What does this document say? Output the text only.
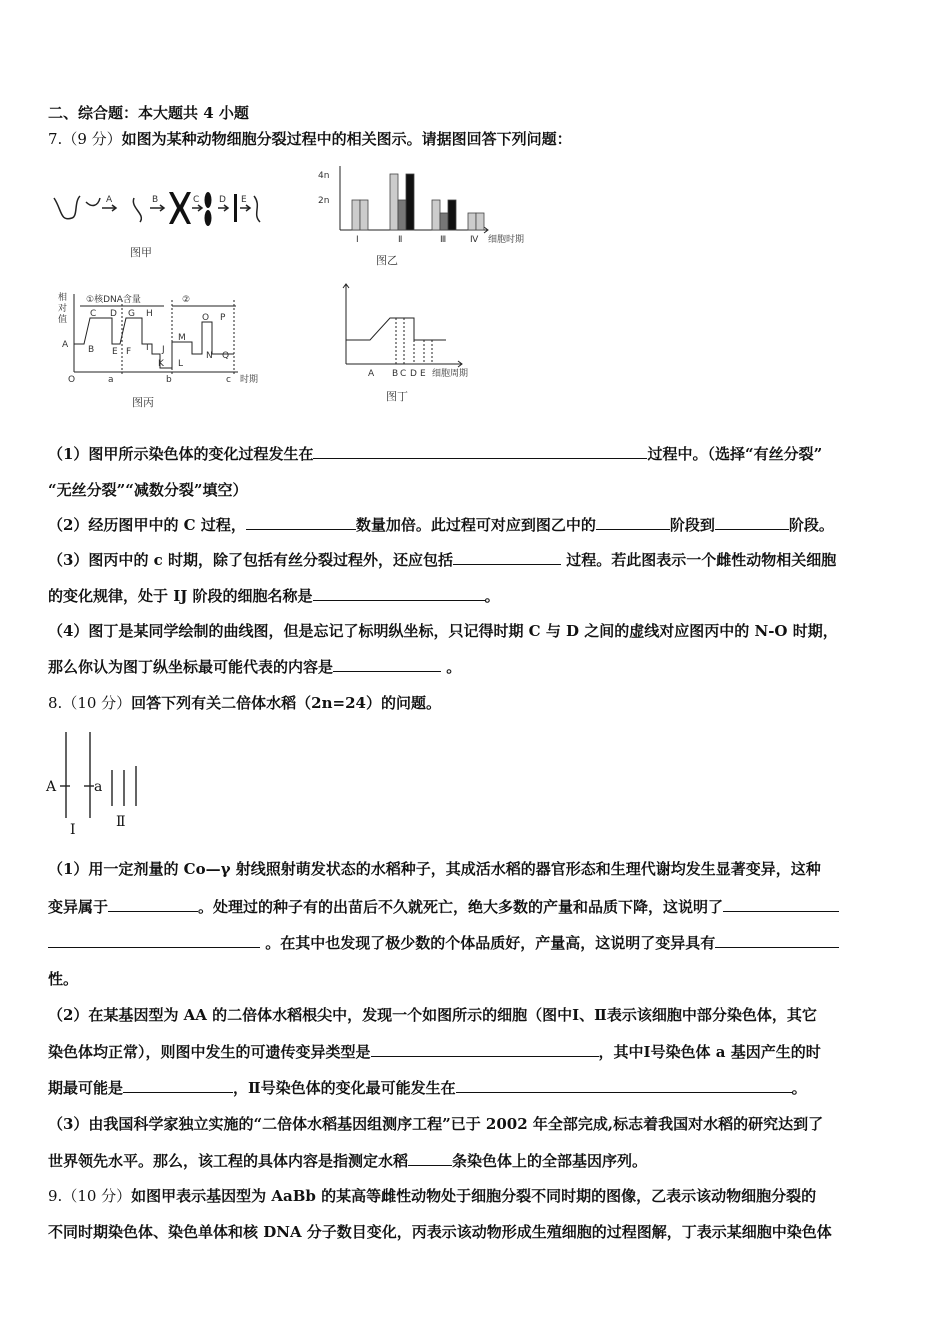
二、综合题：本大题共 4 小题
7.（9 分）如图为某种动物细胞分裂过程中的相关图示。请据图回答下列问题：
A	B	C D E
图甲
4n
2n
Ⅰ	Ⅱ	Ⅲ	Ⅳ 细胞时期
图乙
相
对
值
①核DNA含量	②
C D G H	O P
A B E F I J
M
N Q
K L
O	a	b	c 时期
图丙
A B C D E 细胞周期
图丁
（1）图甲所示染色体的变化过程发生在	过程中。（选择“有丝分裂”
“无丝分裂”“减数分裂”填空）
（2）经历图甲中的 C 过程，	数量加倍。此过程可对应到图乙中的	阶段到	阶段。
（3）图丙中的 c 时期，除了包括有丝分裂过程外，还应包括	过程。若此图表示一个雌性动物相关细胞
的变化规律，处于 IJ 阶段的细胞名称是	。
（4）图丁是某同学绘制的曲线图，但是忘记了标明纵坐标，只记得时期 C 与 D 之间的虚线对应图丙中的 N-O 时期，
那么你认为图丁纵坐标最可能代表的内容是	。
8.（10 分）回答下列有关二倍体水稻（2n=24）的问题。
A	a
Ⅰ	Ⅱ
（1）用一定剂量的 Co—γ 射线照射萌发状态的水稻种子，其成活水稻的器官形态和生理代谢均发生显著变异，这种
变异属于	。处理过的种子有的出苗后不久就死亡，绝大多数的产量和品质下降，这说明了
。在其中也发现了极少数的个体品质好，产量高，这说明了变异具有
性。
（2）在某基因型为 AA 的二倍体水稻根尖中，发现一个如图所示的细胞（图中Ⅰ、Ⅱ表示该细胞中部分染色体，其它
染色体均正常），则图中发生的可遗传变异类型是	，其中Ⅰ号染色体 a 基因产生的时
期最可能是	，Ⅱ号染色体的变化最可能发生在	。
（3）由我国科学家独立实施的“二倍体水稻基因组测序工程”已于 2002 年全部完成,标志着我国对水稻的研究达到了
世界领先水平。那么，该工程的具体内容是指测定水稻	条染色体上的全部基因序列。
9.（10 分）如图甲表示基因型为 AaBb 的某高等雌性动物处于细胞分裂不同时期的图像，乙表示该动物细胞分裂的
不同时期染色体、染色单体和核 DNA 分子数目变化，丙表示该动物形成生殖细胞的过程图解，丁表示某细胞中染色体
